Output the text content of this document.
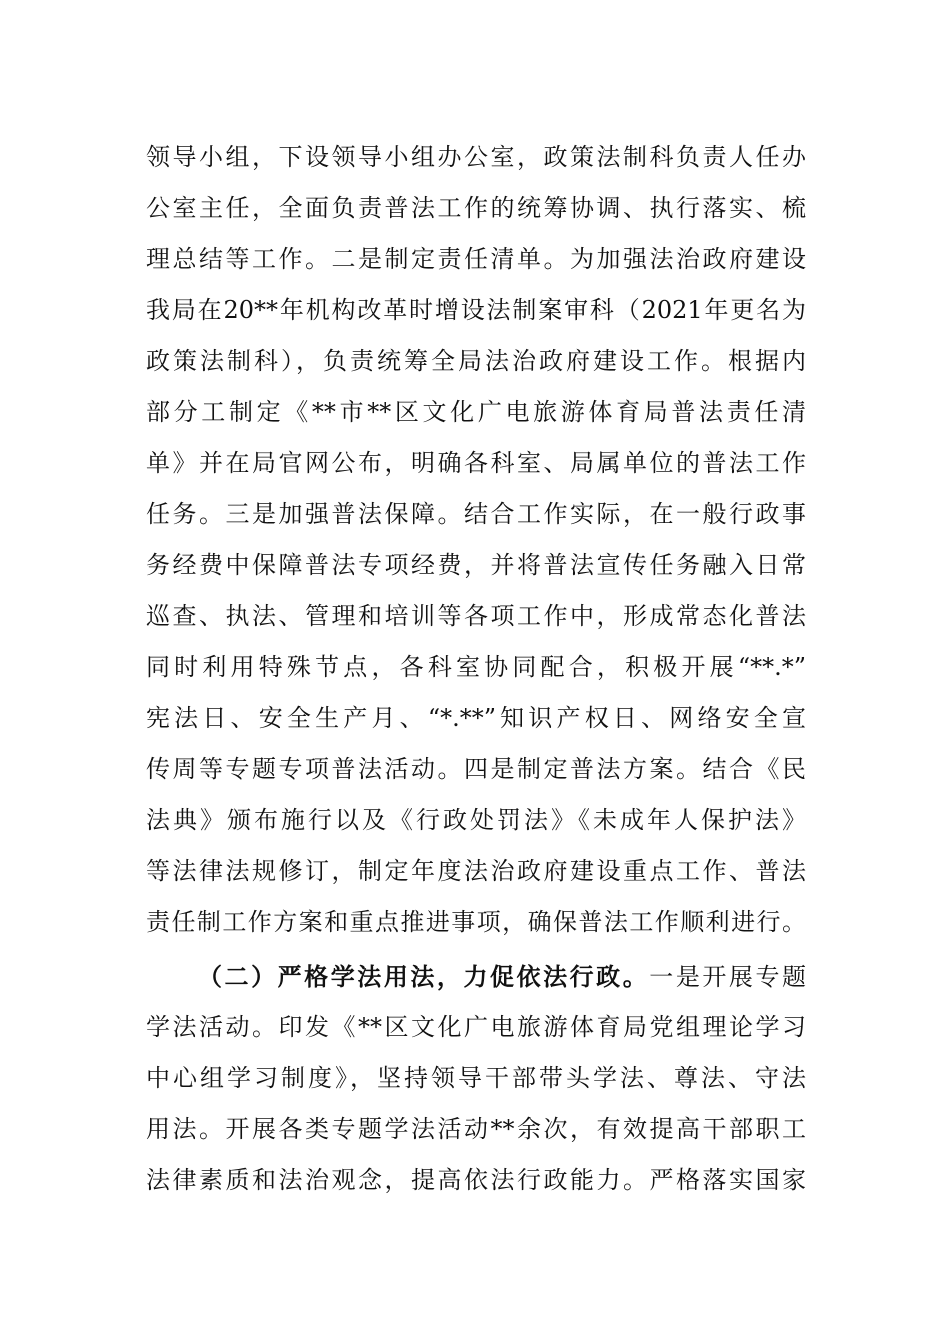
领导小组，下设领导小组办公室，政策法制科负责人任办
公室主任，全面负责普法工作的统筹协调、执行落实、梳
理总结等工作。二是制定责任清单。为加强法治政府建设
我局在20**年机构改革时增设法制案审科（2021年更名为
政策法制科），负责统筹全局法治政府建设工作。根据内
部分工制定《**市**区文化广电旅游体育局普法责任清
单》并在局官网公布，明确各科室、局属单位的普法工作
任务。三是加强普法保障。结合工作实际，在一般行政事
务经费中保障普法专项经费，并将普法宣传任务融入日常
巡查、执法、管理和培训等各项工作中，形成常态化普法
同时利用特殊节点，各科室协同配合，积极开展“**.*”
宪法日、安全生产月、“*.**”知识产权日、网络安全宣
传周等专题专项普法活动。四是制定普法方案。结合《民
法典》颁布施行以及《行政处罚法》《未成年人保护法》
等法律法规修订，制定年度法治政府建设重点工作、普法
责任制工作方案和重点推进事项，确保普法工作顺利进行。
（二）严格学法用法，力促依法行政。一是开展专题
学法活动。印发《**区文化广电旅游体育局党组理论学习
中心组学习制度》，坚持领导干部带头学法、尊法、守法
用法。开展各类专题学法活动**余次，有效提高干部职工
法律素质和法治观念，提高依法行政能力。严格落实国家
